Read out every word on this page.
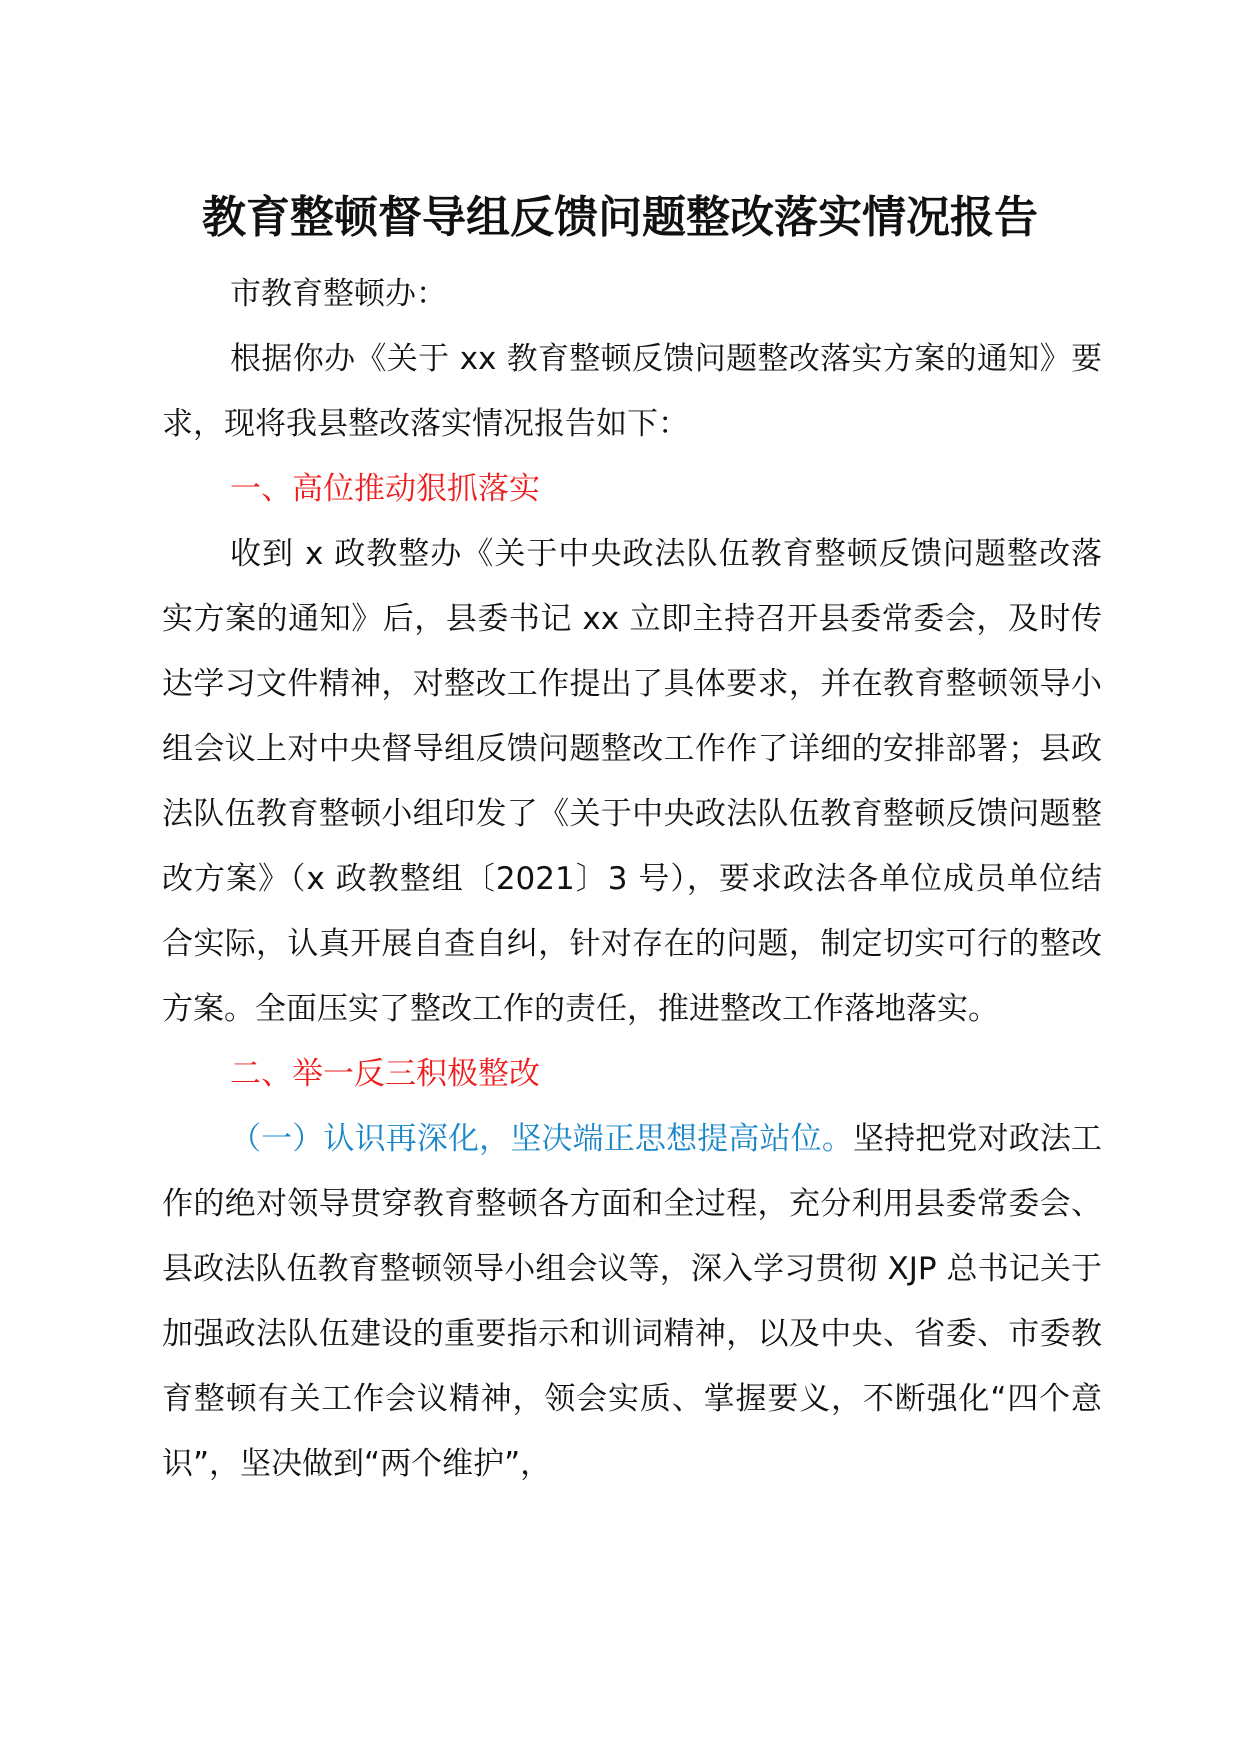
教育整顿督导组反馈问题整改落实情况报告

市教育整顿办：

根据你办《关于 xx 教育整顿反馈问题整改落实方案的通知》要求，现将我县整改落实情况报告如下：

一、高位推动狠抓落实

收到 x 政教整办《关于中央政法队伍教育整顿反馈问题整改落实方案的通知》后，县委书记 xx 立即主持召开县委常委会，及时传达学习文件精神，对整改工作提出了具体要求，并在教育整顿领导小组会议上对中央督导组反馈问题整改工作作了详细的安排部署；县政法队伍教育整顿小组印发了《关于中央政法队伍教育整顿反馈问题整改方案》（x 政教整组〔2021〕3 号），要求政法各单位成员单位结合实际，认真开展自查自纠，针对存在的问题，制定切实可行的整改方案。全面压实了整改工作的责任，推进整改工作落地落实。

二、举一反三积极整改

（一）认识再深化，坚决端正思想提高站位。坚持把党对政法工作的绝对领导贯穿教育整顿各方面和全过程，充分利用县委常委会、县政法队伍教育整顿领导小组会议等，深入学习贯彻 XJP 总书记关于加强政法队伍建设的重要指示和训词精神，以及中央、省委、市委教育整顿有关工作会议精神，领会实质、掌握要义，不断强化“四个意识”，坚决做到“两个维护”，
